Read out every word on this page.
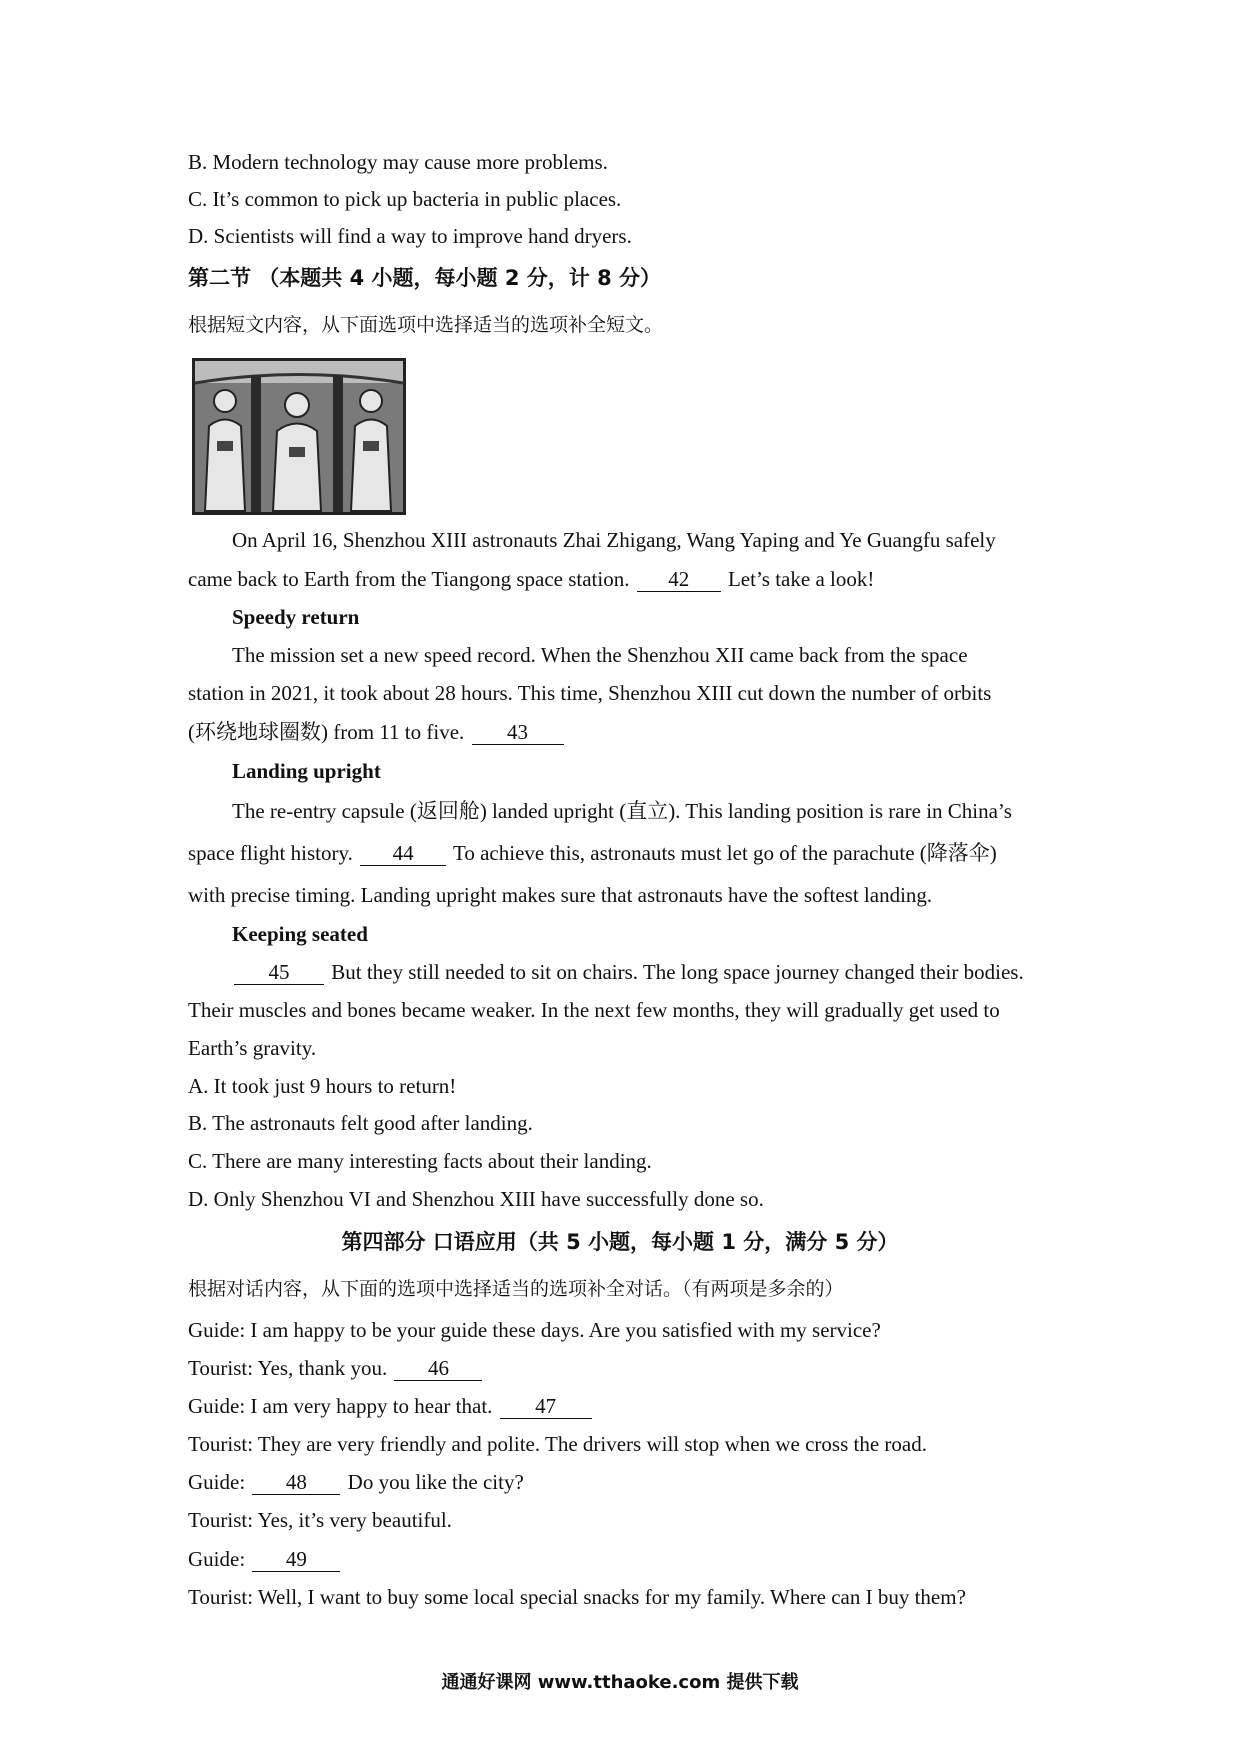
B. Modern technology may cause more problems.
C. It’s common to pick up bacteria in public places.
D. Scientists will find a way to improve hand dryers.
第二节 （本题共 4 小题，每小题 2 分，计 8 分）
根据短文内容，从下面选项中选择适当的选项补全短文。
On April 16, Shenzhou XIII astronauts Zhai Zhigang, Wang Yaping and Ye Guangfu safely
came back to Earth from the Tiangong space station. 42 Let’s take a look!
Speedy return
The mission set a new speed record. When the Shenzhou XII came back from the space
station in 2021, it took about 28 hours. This time, Shenzhou XIII cut down the number of orbits
(环绕地球圈数) from 11 to five. 43
Landing upright
The re-entry capsule (返回舱) landed upright (直立). This landing position is rare in China’s
space flight history. 44 To achieve this, astronauts must let go of the parachute (降落伞)
with precise timing. Landing upright makes sure that astronauts have the softest landing.
Keeping seated
45 But they still needed to sit on chairs. The long space journey changed their bodies.
Their muscles and bones became weaker. In the next few months, they will gradually get used to
Earth’s gravity.
A. It took just 9 hours to return!
B. The astronauts felt good after landing.
C. There are many interesting facts about their landing.
D. Only Shenzhou VI and Shenzhou XIII have successfully done so.
第四部分 口语应用（共 5 小题，每小题 1 分，满分 5 分）
根据对话内容，从下面的选项中选择适当的选项补全对话。（有两项是多余的）
Guide: I am happy to be your guide these days. Are you satisfied with my service?
Tourist: Yes, thank you. 46
Guide: I am very happy to hear that. 47
Tourist: They are very friendly and polite. The drivers will stop when we cross the road.
Guide: 48 Do you like the city?
Tourist: Yes, it’s very beautiful.
Guide: 49
Tourist: Well, I want to buy some local special snacks for my family. Where can I buy them?
通通好课网 www.tthaoke.com 提供下载
